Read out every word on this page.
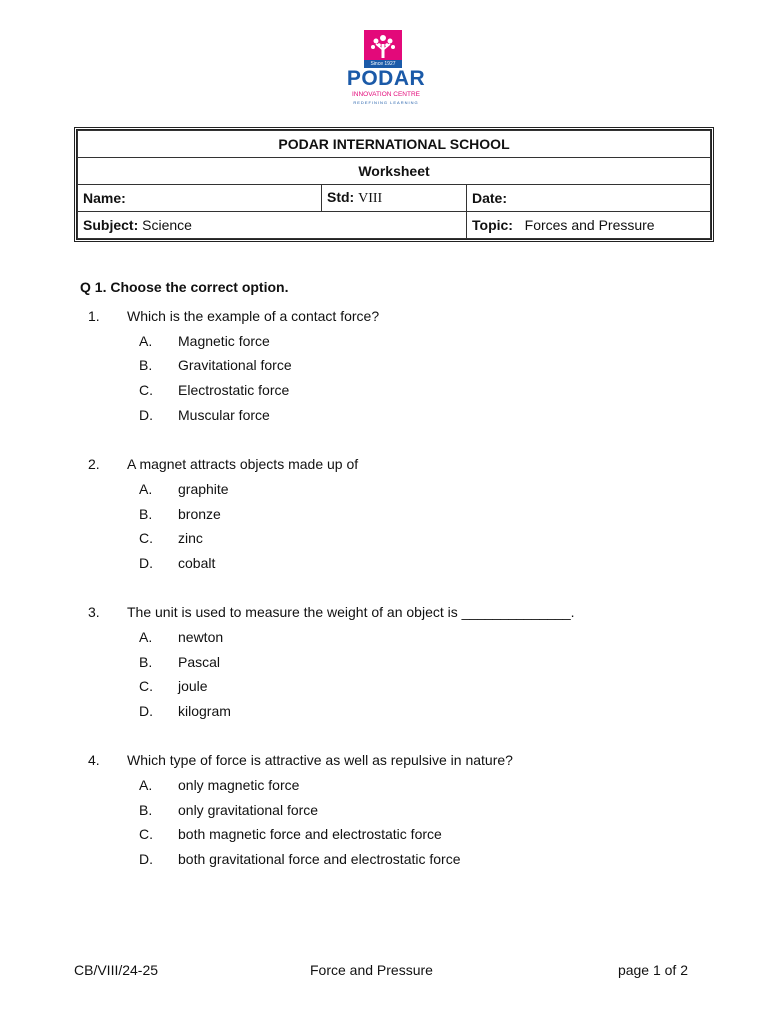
Since 1927
PODAR
INNOVATION CENTRE
REDEFINING LEARNING
PODAR INTERNATIONAL SCHOOL		
Worksheet		
Name:	Std: VIII	Date:
Subject: Science		Topic: Forces and Pressure
Q 1. Choose the correct option.
1.	Which is the example of a contact force?
A.	Magnetic force
B.	Gravitational force
C.	Electrostatic force
D.	Muscular force
2.	A magnet attracts objects made up of
A.	graphite
B.	bronze
C.	zinc
D.	cobalt
3.	The unit is used to measure the weight of an object is ______________.
A.	newton
B.	Pascal
C.	joule
D.	kilogram
4.	Which type of force is attractive as well as repulsive in nature?
A.	only magnetic force
B.	only gravitational force
C.	both magnetic force and electrostatic force
D.	both gravitational force and electrostatic force
CB/VIII/24-25	Force and Pressure	page 1 of 2
